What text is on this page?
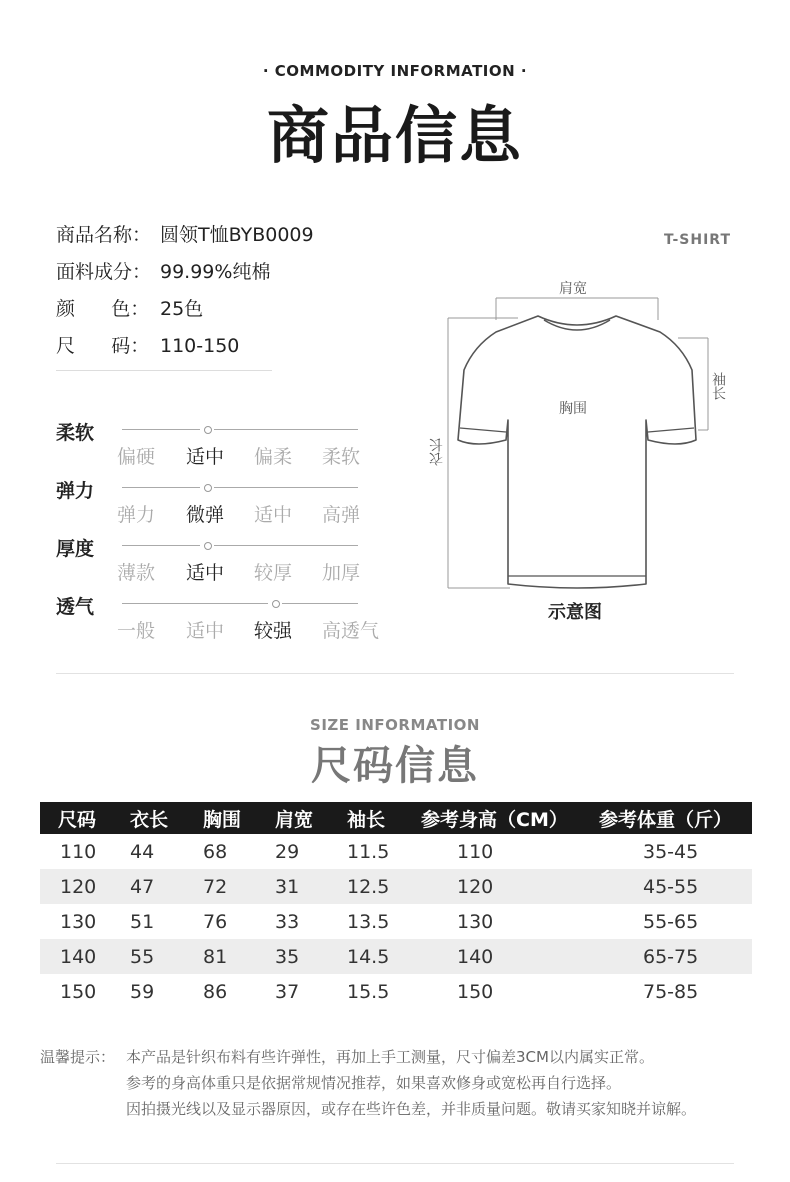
· COMMODITY INFORMATION ·
商品信息
商品名称： 圆领T恤BYB0009
面料成分： 99.99%纯棉
颜      色： 25色
尺      码： 110-150
柔软
偏硬	适中	偏柔	柔软
弹力
弹力	微弹	适中	高弹
厚度
薄款	适中	较厚	加厚
透气
一般	适中	较强	高透气
T-SHIRT
肩宽
袖长
胸围
衣长
示意图
SIZE INFORMATION
尺码信息
尺码	衣长	胸围	肩宽	袖长	参考身高（CM）	参考体重（斤）
110	44	68	29	11.5	110	35-45
120	47	72	31	12.5	120	45-55
130	51	76	33	13.5	130	55-65
140	55	81	35	14.5	140	65-75
150	59	86	37	15.5	150	75-85
温馨提示： 本产品是针织布料有些许弹性，再加上手工测量，尺寸偏差3CM以内属实正常。
参考的身高体重只是依据常规情况推荐，如果喜欢修身或宽松再自行选择。
因拍摄光线以及显示器原因，或存在些许色差，并非质量问题。敬请买家知晓并谅解。
